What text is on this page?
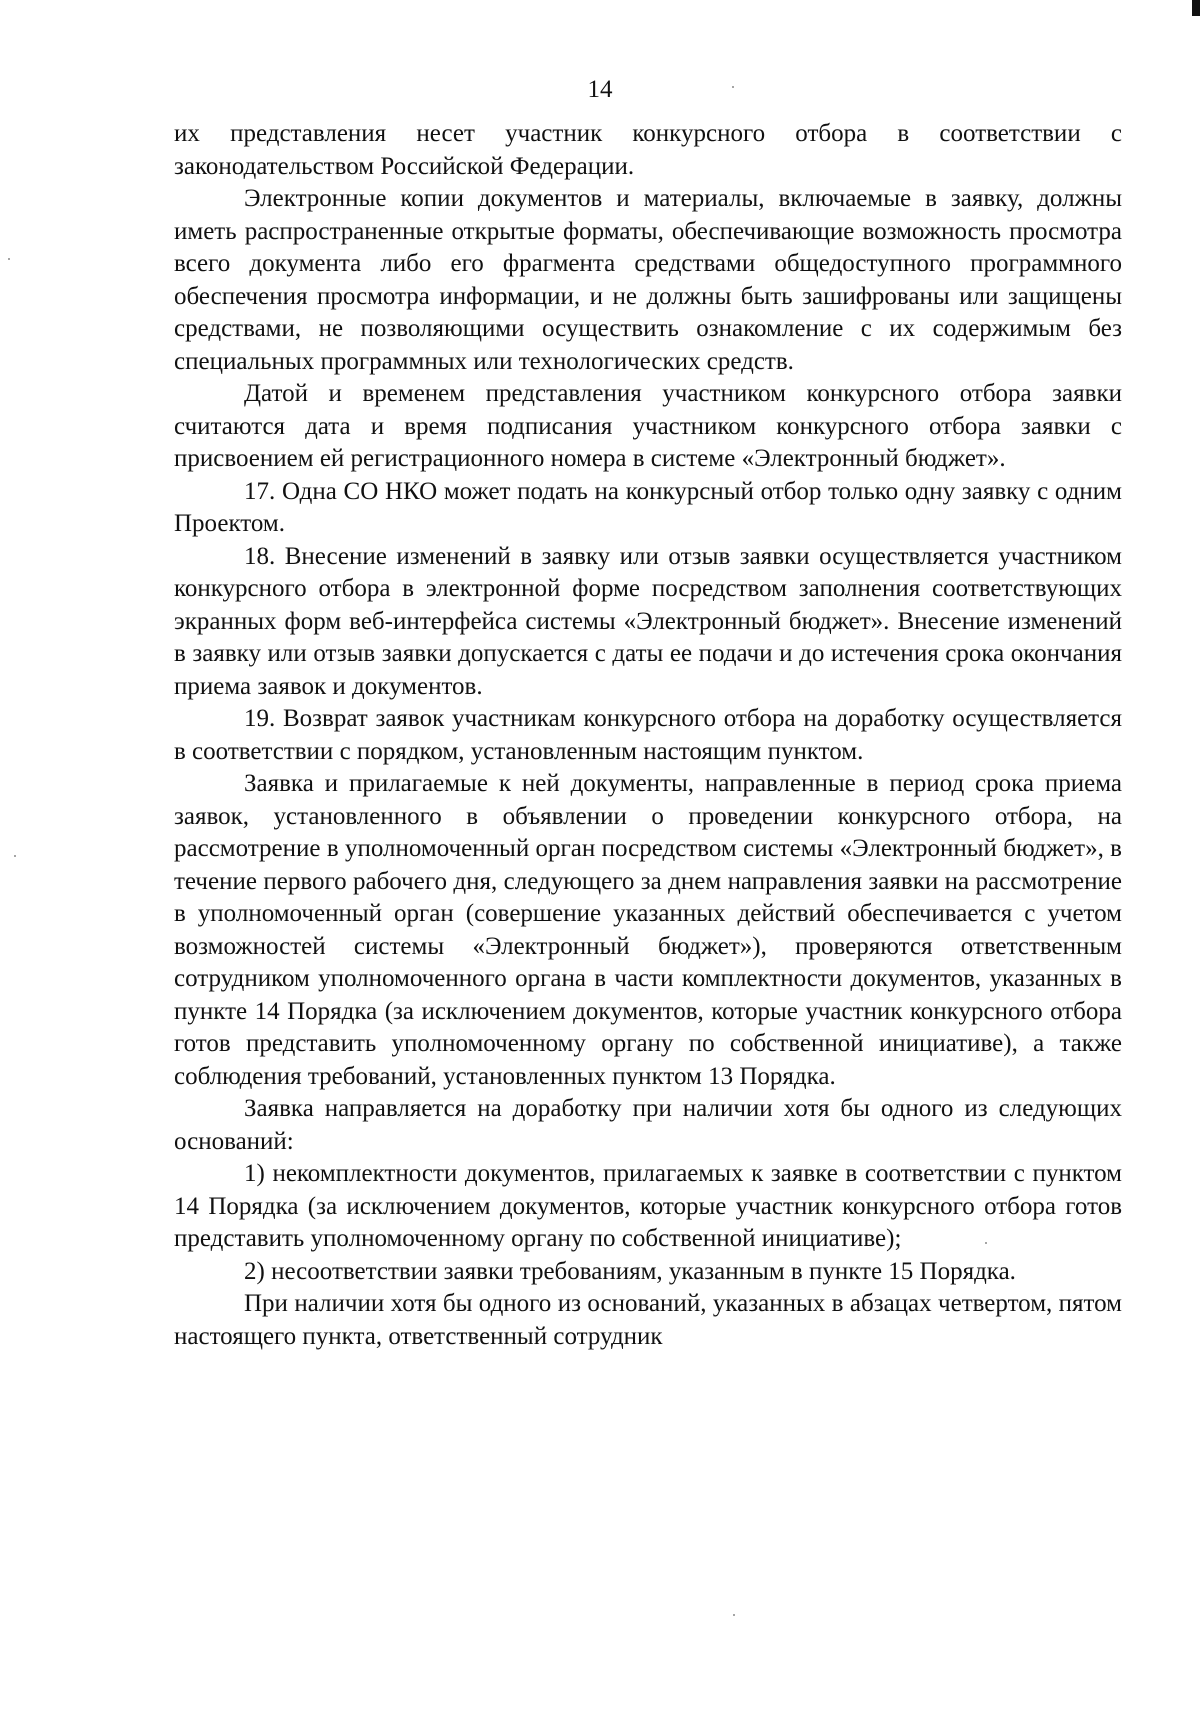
14

их представления несет участник конкурсного отбора в соответствии с законодательством Российской Федерации.

Электронные копии документов и материалы, включаемые в заявку, должны иметь распространенные открытые форматы, обеспечивающие возможность просмотра всего документа либо его фрагмента средствами общедоступного программного обеспечения просмотра информации, и не должны быть зашифрованы или защищены средствами, не позволяющими осуществить ознакомление с их содержимым без специальных программных или технологических средств.

Датой и временем представления участником конкурсного отбора заявки считаются дата и время подписания участником конкурсного отбора заявки с присвоением ей регистрационного номера в системе «Электронный бюджет».

17. Одна СО НКО может подать на конкурсный отбор только одну заявку с одним Проектом.

18. Внесение изменений в заявку или отзыв заявки осуществляется участником конкурсного отбора в электронной форме посредством заполнения соответствующих экранных форм веб-интерфейса системы «Электронный бюджет». Внесение изменений в заявку или отзыв заявки допускается с даты ее подачи и до истечения срока окончания приема заявок и документов.

19. Возврат заявок участникам конкурсного отбора на доработку осуществляется в соответствии с порядком, установленным настоящим пунктом.

Заявка и прилагаемые к ней документы, направленные в период срока приема заявок, установленного в объявлении о проведении конкурсного отбора, на рассмотрение в уполномоченный орган посредством системы «Электронный бюджет», в течение первого рабочего дня, следующего за днем направления заявки на рассмотрение в уполномоченный орган (совершение указанных действий обеспечивается с учетом возможностей системы «Электронный бюджет»), проверяются ответственным сотрудником уполномоченного органа в части комплектности документов, указанных в пункте 14 Порядка (за исключением документов, которые участник конкурсного отбора готов представить уполномоченному органу по собственной инициативе), а также соблюдения требований, установленных пунктом 13 Порядка.

Заявка направляется на доработку при наличии хотя бы одного из следующих оснований:

1) некомплектности документов, прилагаемых к заявке в соответствии с пунктом 14 Порядка (за исключением документов, которые участник конкурсного отбора готов представить уполномоченному органу по собственной инициативе);

2) несоответствии заявки требованиям, указанным в пункте 15 Порядка.

При наличии хотя бы одного из оснований, указанных в абзацах четвертом, пятом настоящего пункта, ответственный сотрудник
